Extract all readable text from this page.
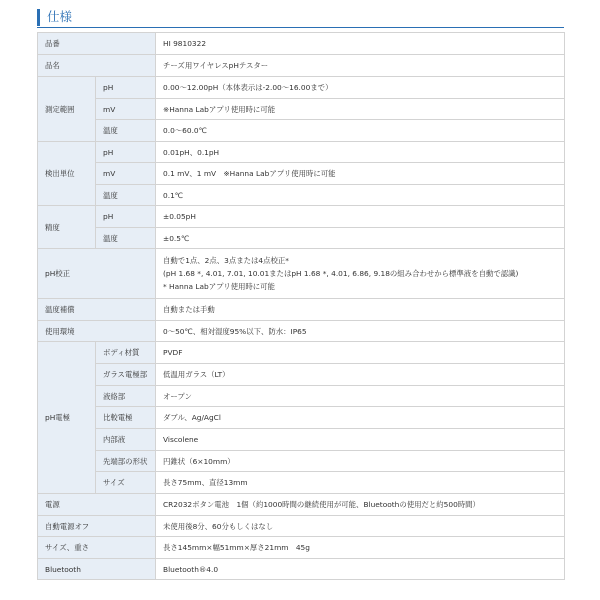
仕様
品番		HI 9810322
品名		チーズ用ワイヤレスpHテスター
測定範囲	pH	0.00～12.00pH（本体表示は-2.00～16.00まで）
	mV	※Hanna Labアプリ使用時に可能
	温度	0.0～60.0℃
検出単位	pH	0.01pH、0.1pH
	mV	0.1 mV、1 mV　※Hanna Labアプリ使用時に可能
	温度	0.1℃
精度	pH	±0.05pH
	温度	±0.5℃
pH校正		自動で1点、2点、3点または4点校正*
(pH 1.68 *, 4.01, 7.01, 10.01またはpH 1.68 *, 4.01, 6.86, 9.18の組み合わせから標準液を自動で認識)
* Hanna Labアプリ使用時に可能

温度補償		自動または手動
使用環境		0～50℃、相対湿度95%以下、防水：IP65
pH電極	ボディ材質	PVDF
	ガラス電極部	低温用ガラス（LT）
	液絡部	オープン
	比較電極	ダブル、Ag/AgCl
	内部液	Viscolene
	先端部の形状	円錐状（6×10mm）
	サイズ	長さ75mm、直径13mm
電源		CR2032ボタン電池　1個（約1000時間の継続使用が可能、Bluetoothの使用だと約500時間）
自動電源オフ		未使用後8分、60分もしくはなし
サイズ、重さ		長さ145mm×幅51mm×厚さ21mm　45g
Bluetooth		Bluetooth®4.0
